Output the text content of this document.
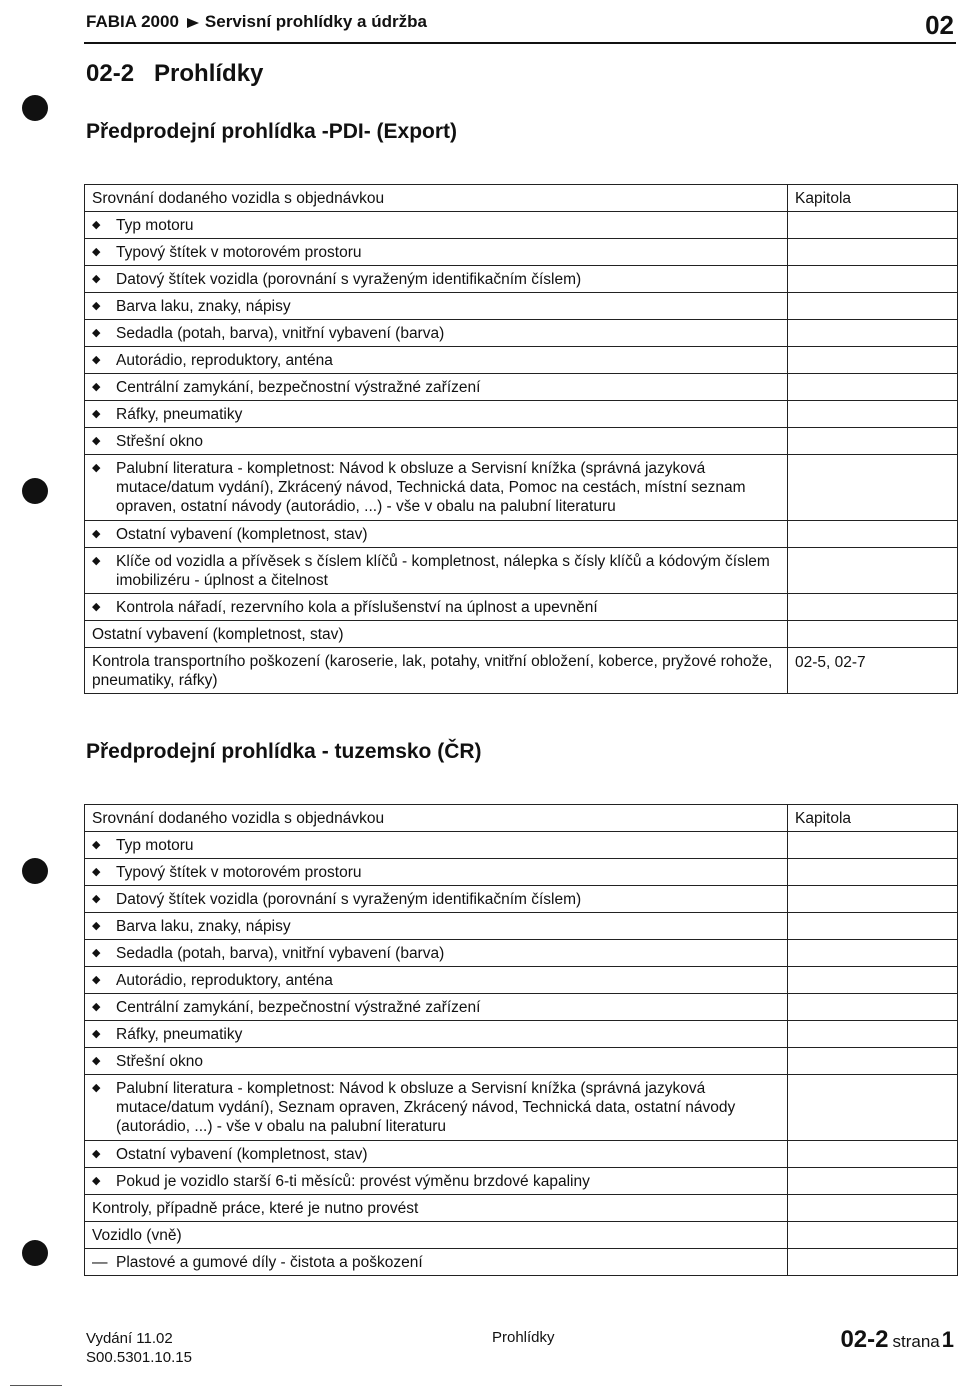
FABIA 2000 Servisní prohlídky a údržba	02
02-2 Prohlídky
Předprodejní prohlídka -PDI- (Export)
Srovnání dodaného vozidla s objednávkou	Kapitola

◆ Typ motoru	

◆ Typový štítek v motorovém prostoru	

◆ Datový štítek vozidla (porovnání s vyraženým identifikačním číslem)	

◆ Barva laku, znaky, nápisy	

◆ Sedadla (potah, barva), vnitřní vybavení (barva)	

◆ Autorádio, reproduktory, anténa	

◆ Centrální zamykání, bezpečnostní výstražné zařízení	

◆ Ráfky, pneumatiky	

◆ Střešní okno	

◆ Palubní literatura - kompletnost: Návod k obsluze a Servisní knížka (správná jazyková mutace/datum vydání), Zkrácený návod, Technická data, Pomoc na cestách, místní seznam opraven, ostatní návody (autorádio, ...) - vše v obalu na palubní literaturu	

◆ Ostatní vybavení (kompletnost, stav)	

◆ Klíče od vozidla a přívěsek s číslem klíčů - kompletnost, nálepka s čísly klíčů a kódovým číslem imobilizéru - úplnost a čitelnost	

◆ Kontrola nářadí, rezervního kola a příslušenství na úplnost a upevnění	

Ostatní vybavení (kompletnost, stav)	
Kontrola transportního poškození (karoserie, lak, potahy, vnitřní obložení, koberce, pryžové rohože, pneumatiky, ráfky)	02-5, 02-7
Předprodejní prohlídka - tuzemsko (ČR)
Srovnání dodaného vozidla s objednávkou	Kapitola

◆ Typ motoru	

◆ Typový štítek v motorovém prostoru	

◆ Datový štítek vozidla (porovnání s vyraženým identifikačním číslem)	

◆ Barva laku, znaky, nápisy	

◆ Sedadla (potah, barva), vnitřní vybavení (barva)	

◆ Autorádio, reproduktory, anténa	

◆ Centrální zamykání, bezpečnostní výstražné zařízení	

◆ Ráfky, pneumatiky	

◆ Střešní okno	

◆ Palubní literatura - kompletnost: Návod k obsluze a Servisní knížka (správná jazyková mutace/datum vydání), Seznam opraven, Zkrácený návod, Technická data, ostatní návody (autorádio, ...) - vše v obalu na palubní literaturu	

◆ Ostatní vybavení (kompletnost, stav)	

◆ Pokud je vozidlo starší 6-ti měsíců: provést výměnu brzdové kapaliny	

Kontroly, případně práce, které je nutno provést	
Vozidlo (vně)	

— Plastové a gumové díly - čistota a poškození	

Vydání 11.02
S00.5301.10.15
Prohlídky	02-2 strana1
